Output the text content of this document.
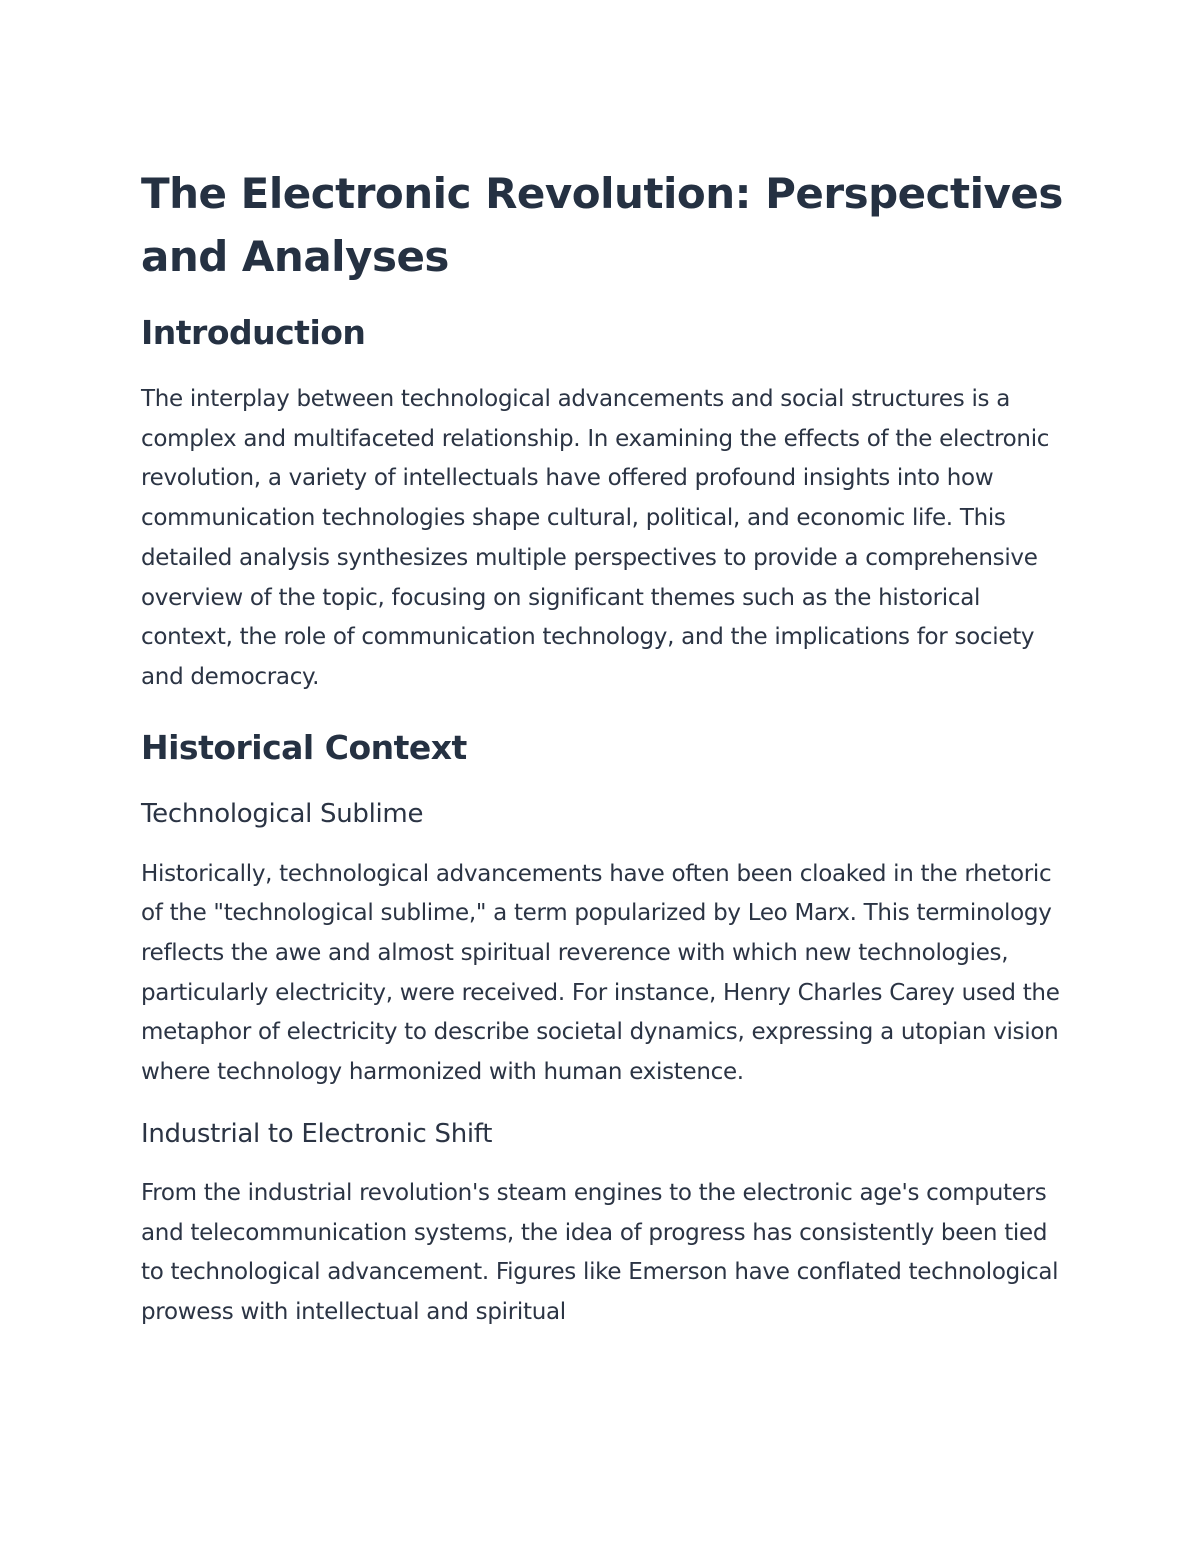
The Electronic Revolution: Perspectives and Analyses
Introduction

The interplay between technological advancements and social structures is a complex and multifaceted relationship. In examining the effects of the electronic revolution, a variety of intellectuals have offered profound insights into how communication technologies shape cultural, political, and economic life. This detailed analysis synthesizes multiple perspectives to provide a comprehensive overview of the topic, focusing on significant themes such as the historical context, the role of communication technology, and the implications for society and democracy.

Historical Context
Technological Sublime

Historically, technological advancements have often been cloaked in the rhetoric of the "technological sublime," a term popularized by Leo Marx. This terminology reflects the awe and almost spiritual reverence with which new technologies, particularly electricity, were received. For instance, Henry Charles Carey used the metaphor of electricity to describe societal dynamics, expressing a utopian vision where technology harmonized with human existence.

Industrial to Electronic Shift

From the industrial revolution's steam engines to the electronic age's computers and telecommunication systems, the idea of progress has consistently been tied to technological advancement. Figures like Emerson have conflated technological prowess with intellectual and spiritual
